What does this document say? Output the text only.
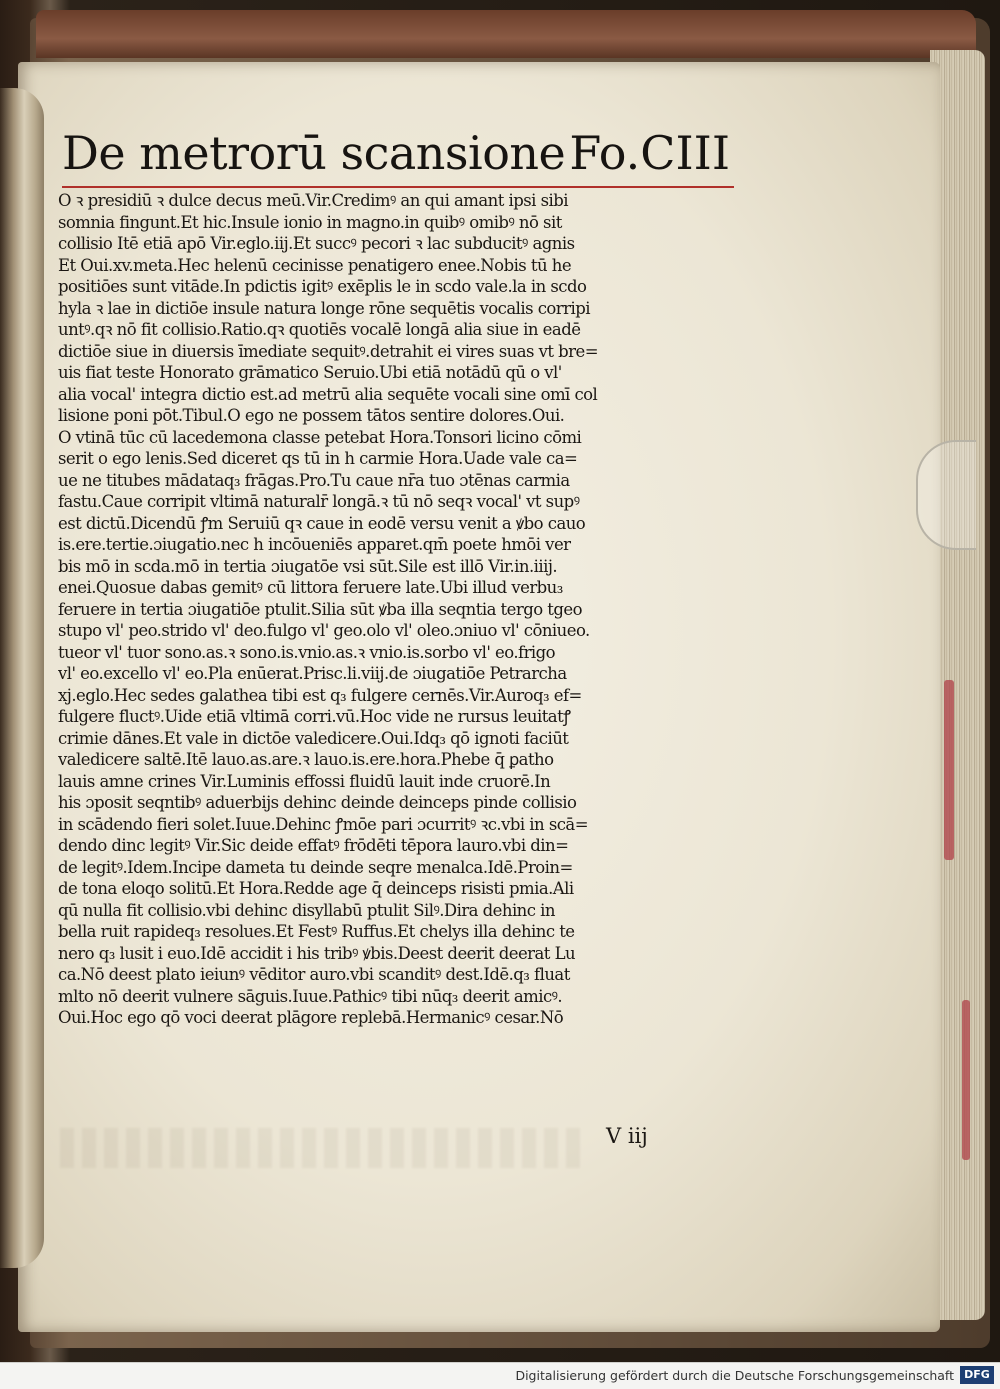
De metrorū scansione Fo.CIII
O ꝛ presidiū ꝛ dulce decus meū.Vir.Credimꝰ an qui amant ipsi sibi
somnia fingunt.Et hic.Insule ionio in magno.in quibꝰ omibꝰ nō sit
collisio Itē etiā apō Vir.eglo.iij.Et succꝰ pecori ꝛ lac subducitꝰ agnis
Et Oui.xv.meta.Hec helenū cecinisse penatigero enee.Nobis tū he
positiōes sunt vitāde.In pdictis igitꝰ exēplis le in scdo vale.la in scdo
hyla ꝛ lae in dictiōe insule natura longe rōne sequētis vocalis corripi
untꝰ.qꝛ nō fit collisio.Ratio.qꝛ quotiēs vocalē longā alia siue in eadē
dictiōe siue in diuersis īmediate sequitꝰ.detrahit ei vires suas vt bre=
uis fiat teste Honorato grāmatico Seruio.Ubi etiā notādū qū o vl'
alia vocal' integra dictio est.ad metrū alia sequēte vocali sine omī col
lisione poni pōt.Tibul.O ego ne possem tātos sentire dolores.Oui.
O vtinā tūc cū lacedemona classe petebat Hora.Tonsori licino cōmi
serit o ego lenis.Sed diceret qs tū in h carmie Hora.Uade vale ca=
ue ne titubes mādataq₃ frāgas.Pro.Tu caue nr̄a tuo ɔtēnas carmia
fastu.Caue corripit vltimā naturalr̄ longā.ꝛ tū nō seqꝛ vocal' vt supꝰ
est dictū.Dicendū ꝭm Seruiū qꝛ caue in eodē versu venit a ꝟbo cauo
is.ere.tertie.ɔiugatio.nec h incōueniēs apparet.qm̄ poete hmōi ver
bis mō in scda.mō in tertia ɔiugatōe vsi sūt.Sile est illō Vir.in.iiij.
enei.Quosue dabas gemitꝰ cū littora feruere late.Ubi illud verbu₃
feruere in tertia ɔiugatiōe ptulit.Silia sūt ꝟba illa seqntia tergo tgeo
stupo vl' peo.strido vl' deo.fulgo vl' geo.olo vl' oleo.ɔniuo vl' cōniueo.
tueor vl' tuor sono.as.ꝛ sono.is.vnio.as.ꝛ vnio.is.sorbo vl' eo.frigo
vl' eo.excello vl' eo.Pla enūerat.Prisc.li.viij.de ɔiugatiōe Petrarcha
xj.eglo.Hec sedes galathea tibi est q₃ fulgere cernēs.Vir.Auroq₃ ef=
fulgere fluctꝰ.Uide etiā vltimā corri.vū.Hoc vide ne rursus leuitatꝭ
crimie dānes.Et vale in dictōe valedicere.Oui.Idq₃ qō ignoti faciūt
valedicere saltē.Itē lauo.as.are.ꝛ lauo.is.ere.hora.Phebe q̄ ꝑatho
lauis amne crines Vir.Luminis effossi fluidū lauit inde cruorē.In
his ɔposit seqntibꝰ aduerbijs dehinc deinde deinceps pinde collisio
in scādendo fieri solet.Iuue.Dehinc ꝭmōe pari ɔcurritꝰ ꝛc.vbi in scā=
dendo dinc legitꝰ Vir.Sic deide effatꝰ frōdēti tēpora lauro.vbi din=
de legitꝰ.Idem.Incipe dameta tu deinde seqre menalca.Idē.Proin=
de tona eloqo solitū.Et Hora.Redde age q̄ deinceps risisti pmia.Ali
qū nulla fit collisio.vbi dehinc disyllabū ptulit Silꝰ.Dira dehinc in
bella ruit rapideq₃ resolues.Et Festꝰ Ruffus.Et chelys illa dehinc te
nero q₃ lusit i euo.Idē accidit i his tribꝰ ꝟbis.Deest deerit deerat Lu
ca.Nō deest plato ieiunꝰ vēditor auro.vbi scanditꝰ dest.Idē.q₃ fluat
mlto nō deerit vulnere sāguis.Iuue.Pathicꝰ tibi nūq₃ deerit amicꝰ.
Oui.Hoc ego qō voci deerat plāgore replebā.Hermanicꝰ cesar.Nō
V iij
Digitalisierung gefördert durch die Deutsche Forschungsgemeinschaft DFG
